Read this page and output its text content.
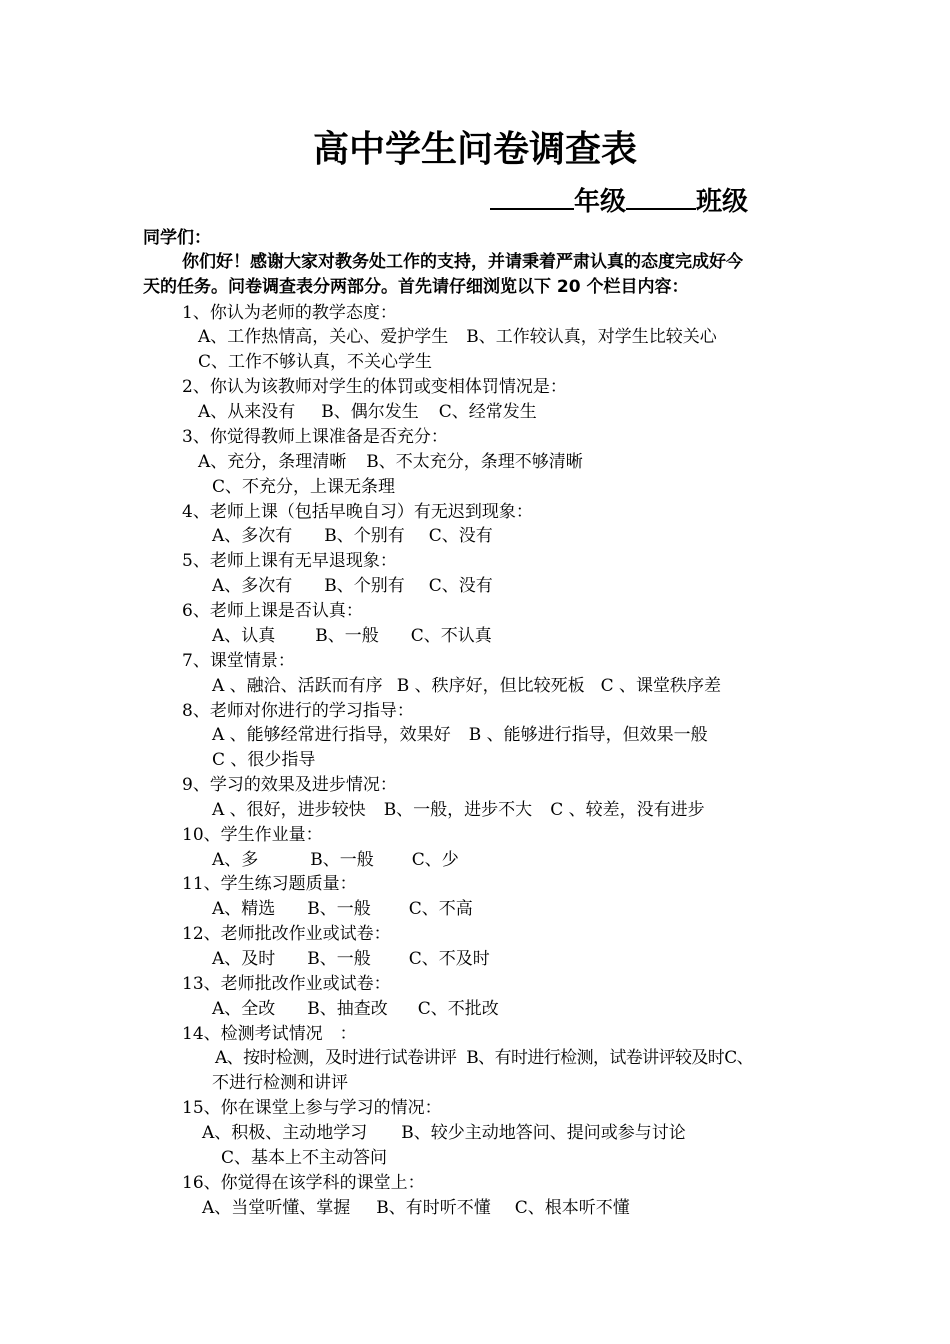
高中学生问卷调查表
年级	班级
同学们：
你们好！感谢大家对教务处工作的支持，并请秉着严肃认真的态度完成好今
天的任务。问卷调查表分两部分。首先请仔细浏览以下 20 个栏目内容：
1、你认为老师的教学态度：
A、工作热情高，关心、爱护学生 B、工作较认真，对学生比较关心
C、工作不够认真，不关心学生
2、你认为该教师对学生的体罚或变相体罚情况是：
A、从来没有 B、偶尔发生 C、经常发生
3、你觉得教师上课准备是否充分：
A、充分，条理清晰 B、不太充分，条理不够清晰
C、不充分，上课无条理
4、老师上课（包括早晚自习）有无迟到现象：
A、多次有 B、个别有 C、没有
5、老师上课有无早退现象：
A、多次有 B、个别有 C、没有
6、老师上课是否认真：
A、认真 B、一般 C、不认真
7、课堂情景：
A 、融洽、活跃而有序 B 、秩序好，但比较死板 C 、课堂秩序差
8、老师对你进行的学习指导：
A 、能够经常进行指导，效果好 B 、能够进行指导，但效果一般
C 、很少指导
9、学习的效果及进步情况：
A 、很好，进步较快 B、一般，进步不大 C 、较差，没有进步
10、学生作业量：
A、多	B、一般 C、少
11、学生练习题质量：
A、精选 B、一般 C、不高
12、老师批改作业或试卷：
A、及时 B、一般 C、不及时
13、老师批改作业或试卷：
A、全改 B、抽查改 C、不批改
14、检测考试情况　：
A、按时检测，及时进行试卷讲评 B、有时进行检测，试卷讲评较及时C、
不进行检测和讲评
15、你在课堂上参与学习的情况：
A、积极、主动地学习 B、较少主动地答问、提问或参与讨论
C、基本上不主动答问
16、你觉得在该学科的课堂上：
A、当堂听懂、掌握 B、有时听不懂 C、根本听不懂
